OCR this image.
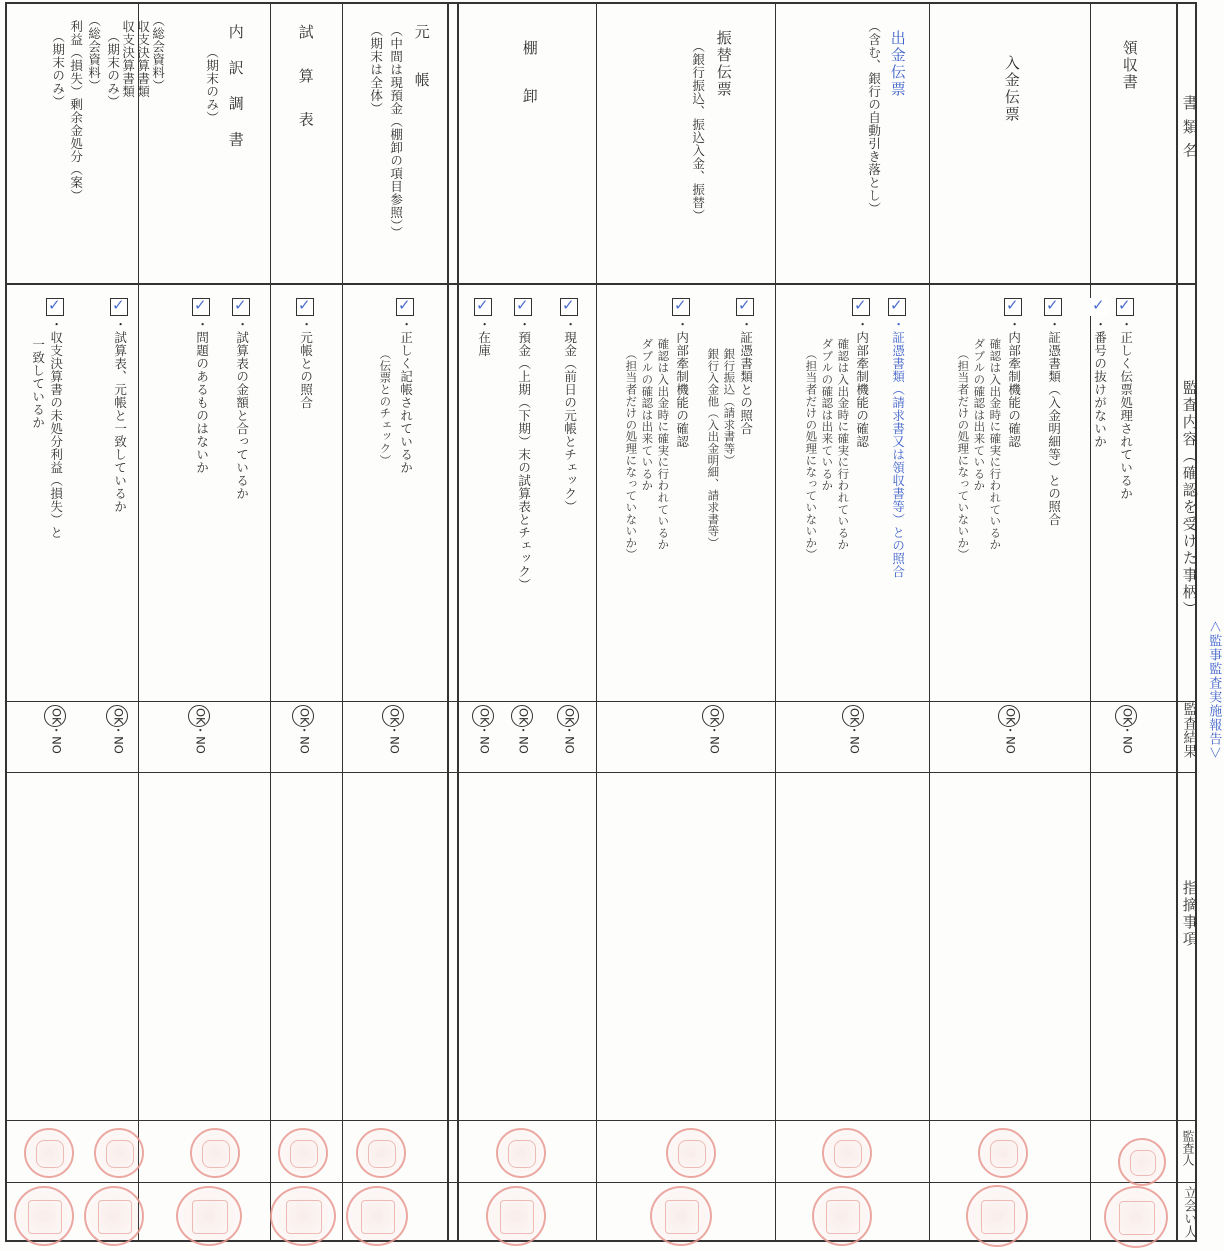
＜監事監査実施報告＞
書 類 名
監査内容（確認を受けた事柄）
監査結果
指摘事項
監査人
立会い人
領収書
✓
・正しく伝票処理されているか
✓
・番号の抜けがないか
OK・NO
入金伝票
✓
・証憑書類（入金明細等）との照合
✓
・内部牽制機能の確認
確認は入出金時に確実に行われているか
ダブルの確認は出来ているか
（担当者だけの処理になっていないか）
OK・NO
出金伝票
（含む、銀行の自動引き落とし）
✓
・証憑書類（請求書又は領収書等）との照合
✓
・内部牽制機能の確認
確認は入出金時に確実に行われているか
ダブルの確認は出来ているか
（担当者だけの処理になっていないか）
OK・NO
振替伝票
（銀行振込、振込入金、振替）
✓
・証憑書類との照合
銀行振込（請求書等）
銀行入金他（入出金明細、請求書等）
✓
・内部牽制機能の確認
確認は入出金時に確実に行われているか
ダブルの確認は出来ているか
（担当者だけの処理になっていないか）
OK・NO
棚 卸
✓
・現金（前日の元帳とチェック）
✓
・預金（上期（下期）末の試算表とチェック）
✓
・在庫
OK・NO
OK・NO
OK・NO
元 帳
（中間は現預金（棚卸の項目参照））
（期末は全体）
✓
・正しく記帳されているか
（伝票とのチェック）
OK・NO
試 算 表
✓
・元帳との照合
OK・NO
内 訳 調 書
（期末のみ）
✓
・試算表の金額と合っているか
✓
・問題のあるものはないか
OK・NO
（総会資料）
収支決算書類
収支決算書類
（期末のみ）
（総会資料）
利益（損失）剰余金処分（案）
（期末のみ）
✓
・試算表、元帳と一致しているか
✓
・収支決算書の未処分利益（損失）と
一致しているか
OK・NO
OK・NO
